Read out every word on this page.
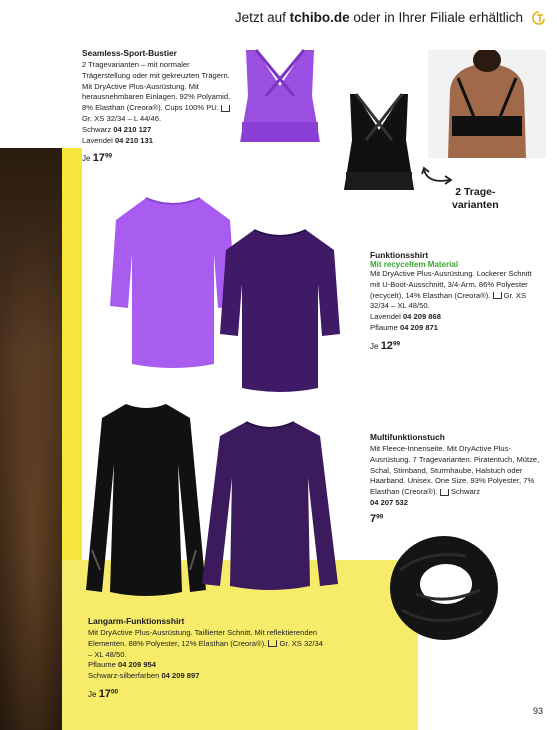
Jetzt auf tchibo.de oder in Ihrer Filiale erhältlich
Seamless-Sport-Bustier
2 Tragevarianten – mit normaler Trägerstellung oder mit gekreuzten Trägern. Mit DryActive Plus-Ausrüstung. Mit herausnehmbaren Einlagen. 92% Polyamid, 8% Elasthan (Creora®). Cups 100% PU.
Gr. XS 32/34 – L 44/46.
Schwarz 04 210 127
Lavendel 04 210 131
Je $17^{99}$
2 Trage-
varianten
Funktionsshirt
Mit recyceltem Material
Mit DryActive Plus-Ausrüstung. Lockerer Schnitt mit U-Boot-Ausschnitt, 3/4-Arm. 86% Polyester (recycelt), 14% Elasthan (Creora®). Gr. XS 32/34 – XL 48/50.
Lavendel 04 209 868
Pflaume 04 209 871
Je $12^{99}$
Multifunktionstuch
Mit Fleece-Innenseite. Mit DryActive Plus-Ausrüstung. 7 Tragevarianten: Piratentuch, Mütze, Schal, Stirnband, Sturmhaube, Halstuch oder Haarband. Unisex. One Size. 93% Polyester, 7% Elasthan (Creora®). Schwarz
04 207 532
$7^{99}$
Langarm-Funktionsshirt
Mit DryActive Plus-Ausrüstung. Taillierter Schnitt. Mit reflektierenden Elementen. 88% Polyester, 12% Elasthan (Creora®). Gr. XS 32/34 – XL 48/50.
Pflaume 04 209 954
Schwarz-silberfarben 04 209 897
Je $17^{00}$
93
